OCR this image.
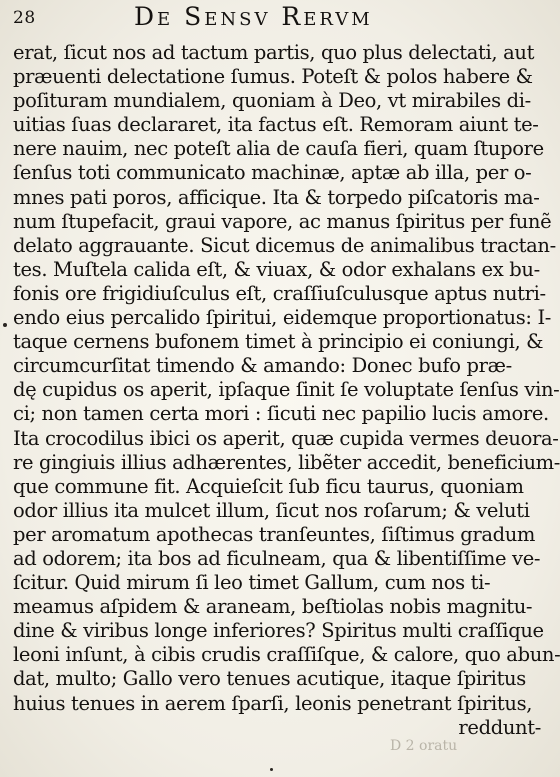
28	De Sensv Rervm
erat, ſicut nos ad tactum partis, quo plus delectati, aut
præuenti delectatione ſumus. Poteſt & polos habere &
poſituram mundialem, quoniam à Deo, vt mirabiles di-
uitias ſuas declararet, ita factus eſt. Remoram aiunt te-
nere nauim, nec poteſt alia de cauſa fieri, quam ſtupore
ſenſus toti communicato machinæ, aptæ ab illa, per o-
mnes pati poros, afficique. Ita & torpedo piſcatoris ma-
num ſtupefacit, graui vapore, ac manus ſpiritus per funẽ
delato aggrauante. Sicut dicemus de animalibus tractan-
tes. Muſtela calida eſt, & viuax, & odor exhalans ex bu-
fonis ore frigidiuſculus eſt, craſſiuſculusque aptus nutri-
endo eius percalido ſpiritui, eidemque proportionatus: I-
taque cernens bufonem timet à principio ei coniungi, &
circumcurſitat timendo & amando: Donec bufo præ-
dę cupidus os aperit, ipſaque ſinit ſe voluptate ſenſus vin-
ci; non tamen certa mori : ſicuti nec papilio lucis amore.
Ita crocodilus ibici os aperit, quæ cupida vermes deuora-
re gingiuis illius adhærentes, libẽter accedit, beneficium-
que commune fit. Acquieſcit ſub ficu taurus, quoniam
odor illius ita mulcet illum, ſicut nos roſarum; & veluti
per aromatum apothecas tranſeuntes, ſiſtimus gradum
ad odorem; ita bos ad ficulneam, qua & libentiſſime ve-
ſcitur. Quid mirum ſi leo timet Gallum, cum nos ti-
meamus aſpidem & araneam, beſtiolas nobis magnitu-
dine & viribus longe inferiores? Spiritus multi craſſique
leoni inſunt, à cibis crudis craſſiſque, & calore, quo abun-
dat, multo; Gallo vero tenues acutique, itaque ſpiritus
huius tenues in aerem ſparſi, leonis penetrant ſpiritus,
reddunt-
D 2 oratu
